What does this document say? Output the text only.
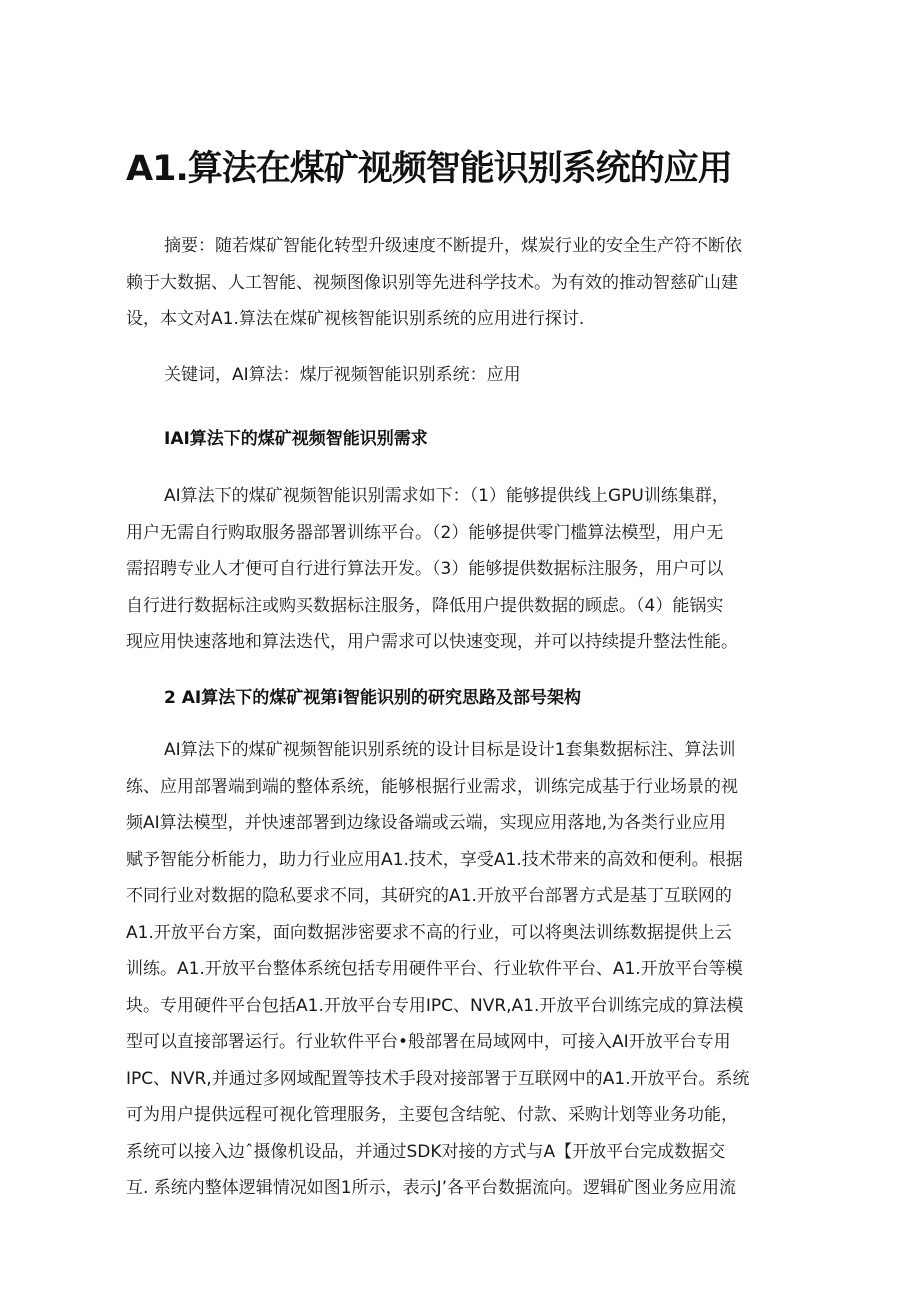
A1.算法在煤矿视频智能识别系统的应用
摘要：随若煤矿智能化转型升级速度不断提升，煤炭行业的安全生产符不断依
赖于大数据、人工智能、视频图像识别等先进科学技术。为有效的推动智慈矿山建
设，本文对A1.算法在煤矿视核智能识别系统的应用进行探讨.

关键词，AI算法：煤厅视频智能识别系统：应用

IAI算法下的煤矿视频智能识别需求
AI算法下的煤矿视频智能识别需求如下：（1）能够提供线上GPU训练集群，
用户无需自行购取服务器部署训练平台。（2）能够提供零门槛算法模型，用户无
需招聘专业人才便可自行进行算法开发。（3）能够提供数据标注服务，用户可以
自行进行数据标注或购买数据标注服务，降低用户提供数据的顾虑。（4）能锅实
现应用快速落地和算法迭代，用户需求可以快速变现，并可以持续提升整法性能。
2 AI算法下的煤矿视第i智能识别的研究思路及部号架构
AI算法下的煤矿视频智能识别系统的设计目标是设计1套集数据标注、算法训
练、应用部署端到端的整体系统，能够根据行业需求，训练完成基于行业场景的视
频AI算法模型，并快速部署到边缘设备端或云端，实现应用落地,为各类行业应用
赋予智能分析能力，助力行业应用A1.技术，享受A1.技术带来的高效和便利。根据
不同行业对数据的隐私要求不同，其研究的A1.开放平台部署方式是基丁互联网的
A1.开放平台方案，面向数据涉密要求不高的行业，可以将奥法训练数据提供上云
训练。A1.开放平台整体系统包括专用硬件平台、行业软件平台、A1.开放平台等模
块。专用硬件平台包括A1.开放平台专用IPC、NVR,A1.开放平台训练完成的算法模
型可以直接部署运行。行业软件平台•般部署在局域网中，可接入AI开放平台专用
IPC、NVR,并通过多网域配置等技术手段对接部署于互联网中的A1.开放平台。系统
可为用户提供远程可视化管理服务，主要包含结鸵、付款、采购计划等业务功能，
系统可以接入边ˆ摄像机设品，并通过SDK对接的方式与A【开放平台完成数据交
互. 系统内整体逻辑情况如图1所示，表示J’各平台数据流向。逻辑矿图业务应用流
